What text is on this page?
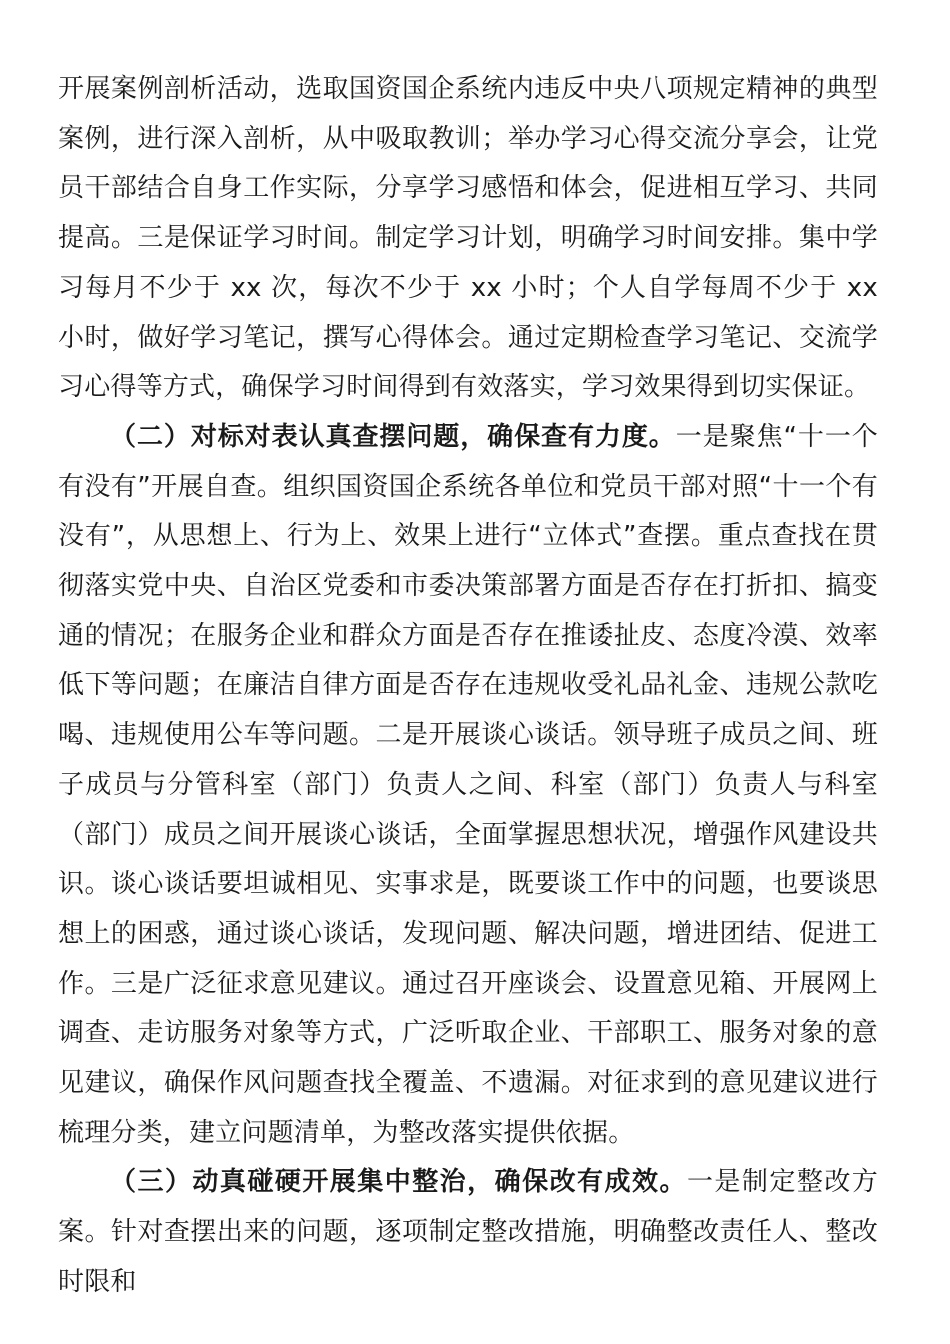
开展案例剖析活动，选取国资国企系统内违反中央八项规定精神的典型案例，进行深入剖析，从中吸取教训；举办学习心得交流分享会，让党员干部结合自身工作实际，分享学习感悟和体会，促进相互学习、共同提高。三是保证学习时间。制定学习计划，明确学习时间安排。集中学习每月不少于 xx 次，每次不少于 xx 小时；个人自学每周不少于 xx 小时，做好学习笔记，撰写心得体会。通过定期检查学习笔记、交流学习心得等方式，确保学习时间得到有效落实，学习效果得到切实保证。

（二）对标对表认真查摆问题，确保查有力度。一是聚焦“十一个有没有”开展自查。组织国资国企系统各单位和党员干部对照“十一个有没有”，从思想上、行为上、效果上进行“立体式”查摆。重点查找在贯彻落实党中央、自治区党委和市委决策部署方面是否存在打折扣、搞变通的情况；在服务企业和群众方面是否存在推诿扯皮、态度冷漠、效率低下等问题；在廉洁自律方面是否存在违规收受礼品礼金、违规公款吃喝、违规使用公车等问题。二是开展谈心谈话。领导班子成员之间、班子成员与分管科室（部门）负责人之间、科室（部门）负责人与科室（部门）成员之间开展谈心谈话，全面掌握思想状况，增强作风建设共识。谈心谈话要坦诚相见、实事求是，既要谈工作中的问题，也要谈思想上的困惑，通过谈心谈话，发现问题、解决问题，增进团结、促进工作。三是广泛征求意见建议。通过召开座谈会、设置意见箱、开展网上调查、走访服务对象等方式，广泛听取企业、干部职工、服务对象的意见建议，确保作风问题查找全覆盖、不遗漏。对征求到的意见建议进行梳理分类，建立问题清单，为整改落实提供依据。

（三）动真碰硬开展集中整治，确保改有成效。一是制定整改方案。针对查摆出来的问题，逐项制定整改措施，明确整改责任人、整改时限和
